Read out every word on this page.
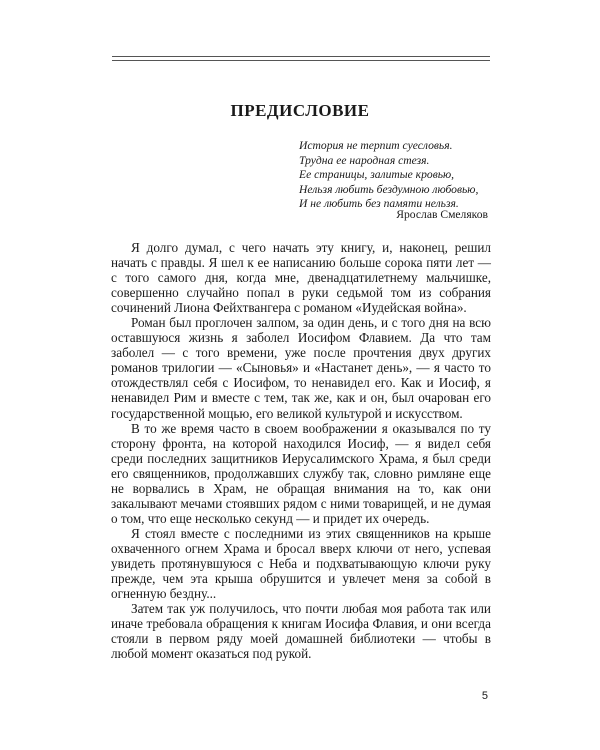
ПРЕДИСЛОВИЕ
История не терпит суесловья.
Трудна ее народная стезя.
Ее страницы, залитые кровью,
Нельзя любить бездумною любовью,
И не любить без памяти нельзя.
Ярослав Смеляков

Я долго думал, с чего начать эту книгу, и, наконец, решил начать с правды. Я шел к ее написанию больше сорока пяти лет — с того самого дня, когда мне, двенадцатилетнему мальчишке, совершенно случайно попал в руки седьмой том из собрания сочинений Лиона Фейхтвангера с романом «Иудейская война».

Роман был проглочен залпом, за один день, и с того дня на всю оставшуюся жизнь я заболел Иосифом Флавием. Да что там заболел — с того времени, уже после прочтения двух других романов трилогии — «Сыновья» и «Настанет день», — я часто то отождествлял себя с Иосифом, то ненавидел его. Как и Иосиф, я ненавидел Рим и вместе с тем, так же, как и он, был очарован его государственной мощью, его великой культурой и искусством.

В то же время часто в своем воображении я оказывался по ту сторону фронта, на которой находился Иосиф, — я видел себя среди последних защитников Иерусалимского Храма, я был среди его священников, продолжавших службу так, словно римляне еще не ворвались в Храм, не обращая внимания на то, как они закалывают мечами стоявших рядом с ними товарищей, и не думая о том, что еще несколько секунд — и придет их очередь.

Я стоял вместе с последними из этих священников на крыше охваченного огнем Храма и бросал вверх ключи от него, успевая увидеть протянувшуюся с Неба и подхватывающую ключи руку прежде, чем эта крыша обрушится и увлечет меня за собой в огненную бездну...

Затем так уж получилось, что почти любая моя работа так или иначе требовала обращения к книгам Иосифа Флавия, и они всегда стояли в первом ряду моей домашней библиотеки — чтобы в любой момент оказаться под рукой.

5
